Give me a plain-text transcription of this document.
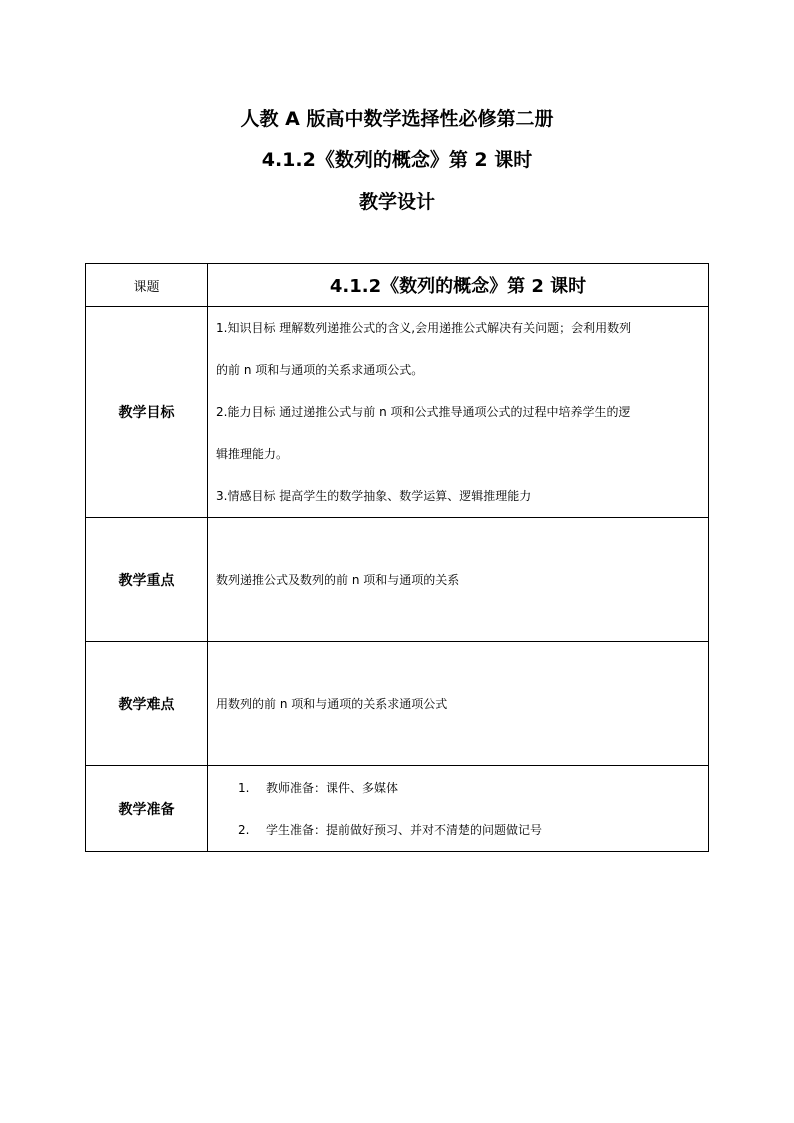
人教 A 版高中数学选择性必修第二册
4.1.2《数列的概念》第 2 课时
教学设计
课题	4.1.2《数列的概念》第 2 课时
教学目标	1.知识目标 理解数列递推公式的含义,会用递推公式解决有关问题；会利用数列
的前 n 项和与通项的关系求通项公式。
2.能力目标 通过递推公式与前 n 项和公式推导通项公式的过程中培养学生的逻
辑推理能力。
3.情感目标 提高学生的数学抽象、数学运算、逻辑推理能力

教学重点	数列递推公式及数列的前 n 项和与通项的关系
教学难点	用数列的前 n 项和与通项的关系求通项公式
教学准备	1. 教师准备：课件、多媒体
2. 学生准备：提前做好预习、并对不清楚的问题做记号
